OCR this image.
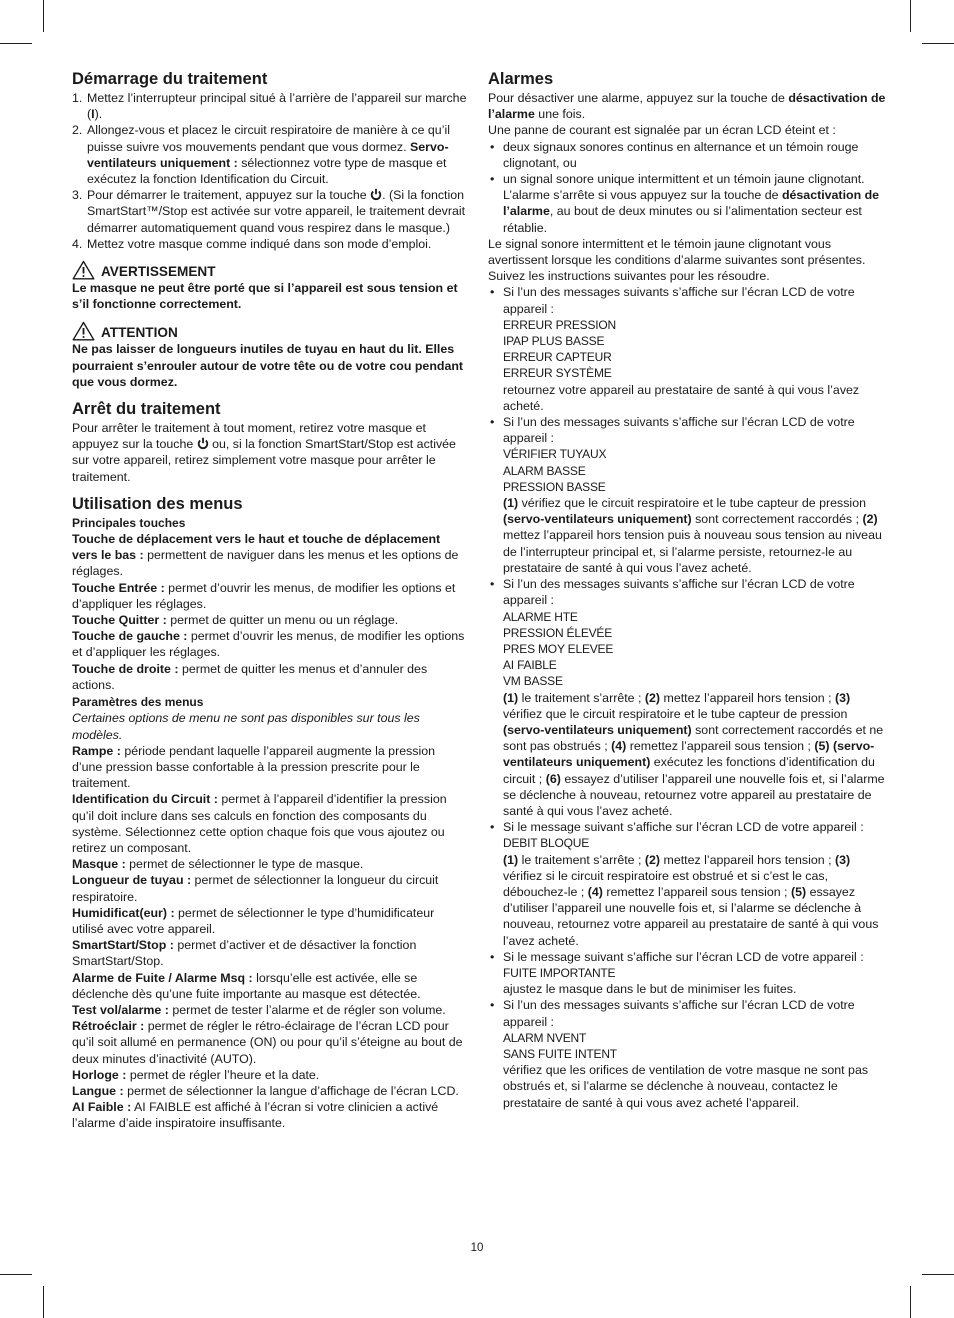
Démarrage du traitement
1. Mettez l’interrupteur principal situé à l’arrière de l’appareil sur marche (I).
2. Allongez-vous et placez le circuit respiratoire de manière à ce qu’il puisse suivre vos mouvements pendant que vous dormez. Servo-ventilateurs uniquement : sélectionnez votre type de masque et exécutez la fonction Identification du Circuit.
3. Pour démarrer le traitement, appuyez sur la touche . (Si la fonction SmartStart™/Stop est activée sur votre appareil, le traitement devrait démarrer automatiquement quand vous respirez dans le masque.)
4. Mettez votre masque comme indiqué dans son mode d’emploi.
AVERTISSEMENT

Le masque ne peut être porté que si l’appareil est sous tension et s’il fonctionne correctement.

ATTENTION

Ne pas laisser de longueurs inutiles de tuyau en haut du lit. Elles pourraient s’enrouler autour de votre tête ou de votre cou pendant que vous dormez.

Arrêt du traitement

Pour arrêter le traitement à tout moment, retirez votre masque et appuyez sur la touche ou, si la fonction SmartStart/Stop est activée sur votre appareil, retirez simplement votre masque pour arrêter le traitement.

Utilisation des menus
Principales touches

Touche de déplacement vers le haut et touche de déplacement vers le bas : permettent de naviguer dans les menus et les options de réglages.

Touche Entrée : permet d’ouvrir les menus, de modifier les options et d’appliquer les réglages.

Touche Quitter : permet de quitter un menu ou un réglage.

Touche de gauche : permet d’ouvrir les menus, de modifier les options et d’appliquer les réglages.

Touche de droite : permet de quitter les menus et d’annuler des actions.

Paramètres des menus

Certaines options de menu ne sont pas disponibles sur tous les modèles.

Rampe : période pendant laquelle l’appareil augmente la pression d’une pression basse confortable à la pression prescrite pour le traitement.

Identification du Circuit : permet à l’appareil d’identifier la pression qu’il doit inclure dans ses calculs en fonction des composants du système. Sélectionnez cette option chaque fois que vous ajoutez ou retirez un composant.

Masque : permet de sélectionner le type de masque.

Longueur de tuyau : permet de sélectionner la longueur du circuit respiratoire.

Humidificat(eur) : permet de sélectionner le type d’humidificateur utilisé avec votre appareil.

SmartStart/Stop : permet d’activer et de désactiver la fonction SmartStart/Stop.

Alarme de Fuite / Alarme Msq : lorsqu’elle est activée, elle se déclenche dès qu’une fuite importante au masque est détectée.

Test vol/alarme : permet de tester l’alarme et de régler son volume.

Rétroéclair : permet de régler le rétro-éclairage de l’écran LCD pour qu’il soit allumé en permanence (ON) ou pour qu’il s’éteigne au bout de deux minutes d’inactivité (AUTO).

Horloge : permet de régler l’heure et la date.

Langue : permet de sélectionner la langue d’affichage de l’écran LCD.

AI Faible : AI FAIBLE est affiché à l’écran si votre clinicien a activé l’alarme d’aide inspiratoire insuffisante.

Alarmes

Pour désactiver une alarme, appuyez sur la touche de désactivation de l’alarme une fois.

Une panne de courant est signalée par un écran LCD éteint et :

• deux signaux sonores continus en alternance et un témoin rouge clignotant, ou
• un signal sonore unique intermittent et un témoin jaune clignotant.
L’alarme s’arrête si vous appuyez sur la touche de désactivation de l’alarme, au bout de deux minutes ou si l’alimentation secteur est rétablie.

Le signal sonore intermittent et le témoin jaune clignotant vous avertissent lorsque les conditions d’alarme suivantes sont présentes. Suivez les instructions suivantes pour les résoudre.

• Si l’un des messages suivants s’affiche sur l’écran LCD de votre appareil :
ERREUR PRESSION
IPAP PLUS BASSE
ERREUR CAPTEUR
ERREUR SYSTÈME
retournez votre appareil au prestataire de santé à qui vous l’avez acheté.
• Si l’un des messages suivants s’affiche sur l’écran LCD de votre appareil :
VÉRIFIER TUYAUX
ALARM BASSE
PRESSION BASSE
(1) vérifiez que le circuit respiratoire et le tube capteur de pression (servo-ventilateurs uniquement) sont correctement raccordés ; (2) mettez l’appareil hors tension puis à nouveau sous tension au niveau de l’interrupteur principal et, si l’alarme persiste, retournez-le au prestataire de santé à qui vous l’avez acheté.
• Si l’un des messages suivants s’affiche sur l’écran LCD de votre appareil :
ALARME HTE
PRESSION ÉLEVÉE
PRES MOY ELEVEE
AI FAIBLE
VM BASSE
(1) le traitement s’arrête ; (2) mettez l’appareil hors tension ; (3) vérifiez que le circuit respiratoire et le tube capteur de pression (servo-ventilateurs uniquement) sont correctement raccordés et ne sont pas obstrués ; (4) remettez l’appareil sous tension ; (5) (servo-ventilateurs uniquement) exécutez les fonctions d’identification du circuit ; (6) essayez d’utiliser l’appareil une nouvelle fois et, si l’alarme se déclenche à nouveau, retournez votre appareil au prestataire de santé à qui vous l’avez acheté.
• Si le message suivant s’affiche sur l’écran LCD de votre appareil :
DEBIT BLOQUE
(1) le traitement s’arrête ; (2) mettez l’appareil hors tension ; (3) vérifiez si le circuit respiratoire est obstrué et si c’est le cas, débouchez-le ; (4) remettez l’appareil sous tension ; (5) essayez d’utiliser l’appareil une nouvelle fois et, si l’alarme se déclenche à nouveau, retournez votre appareil au prestataire de santé à qui vous l’avez acheté.
• Si le message suivant s’affiche sur l’écran LCD de votre appareil :
FUITE IMPORTANTE
ajustez le masque dans le but de minimiser les fuites.
• Si l’un des messages suivants s’affiche sur l’écran LCD de votre appareil :
ALARM NVENT
SANS FUITE INTENT
vérifiez que les orifices de ventilation de votre masque ne sont pas obstrués et, si l’alarme se déclenche à nouveau, contactez le prestataire de santé à qui vous avez acheté l’appareil.
10
